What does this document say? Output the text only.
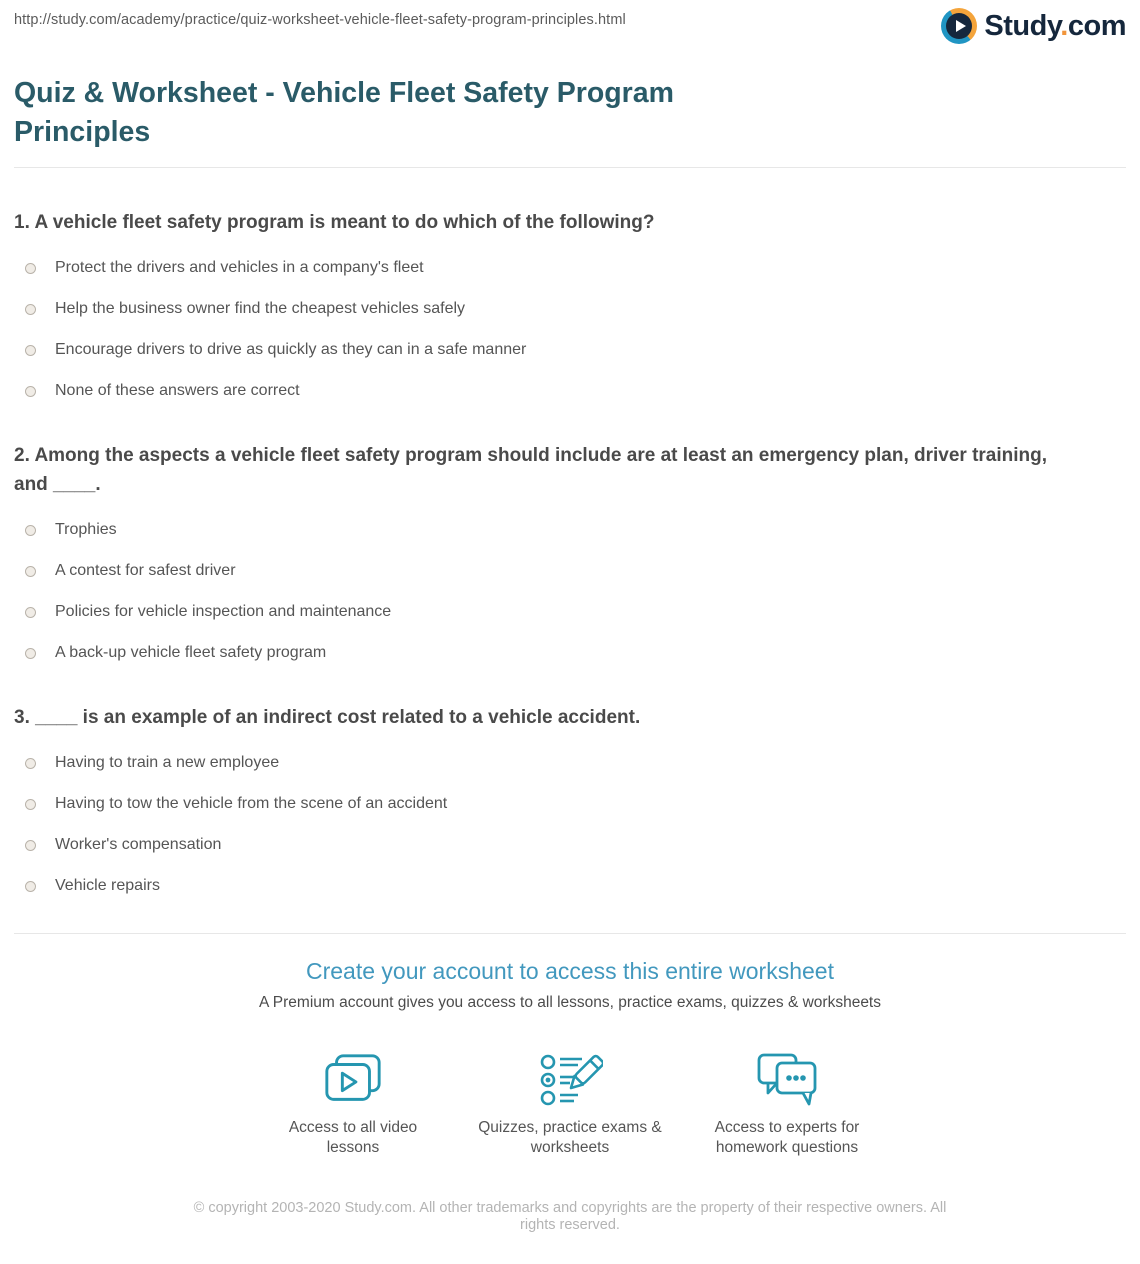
http://study.com/academy/practice/quiz-worksheet-vehicle-fleet-safety-program-principles.html	Study.com
Quiz & Worksheet - Vehicle Fleet Safety Program Principles
1. A vehicle fleet safety program is meant to do which of the following?
Protect the drivers and vehicles in a company's fleet
Help the business owner find the cheapest vehicles safely
Encourage drivers to drive as quickly as they can in a safe manner
None of these answers are correct
2. Among the aspects a vehicle fleet safety program should include are at least an emergency plan, driver training, and ____.
Trophies
A contest for safest driver
Policies for vehicle inspection and maintenance
A back-up vehicle fleet safety program
3. ____ is an example of an indirect cost related to a vehicle accident.
Having to train a new employee
Having to tow the vehicle from the scene of an accident
Worker's compensation
Vehicle repairs
Create your account to access this entire worksheet
A Premium account gives you access to all lessons, practice exams, quizzes & worksheets
Access to all video lessons
Quizzes, practice exams & worksheets
Access to experts for homework questions
© copyright 2003-2020 Study.com. All other trademarks and copyrights are the property of their respective owners. All rights reserved.
